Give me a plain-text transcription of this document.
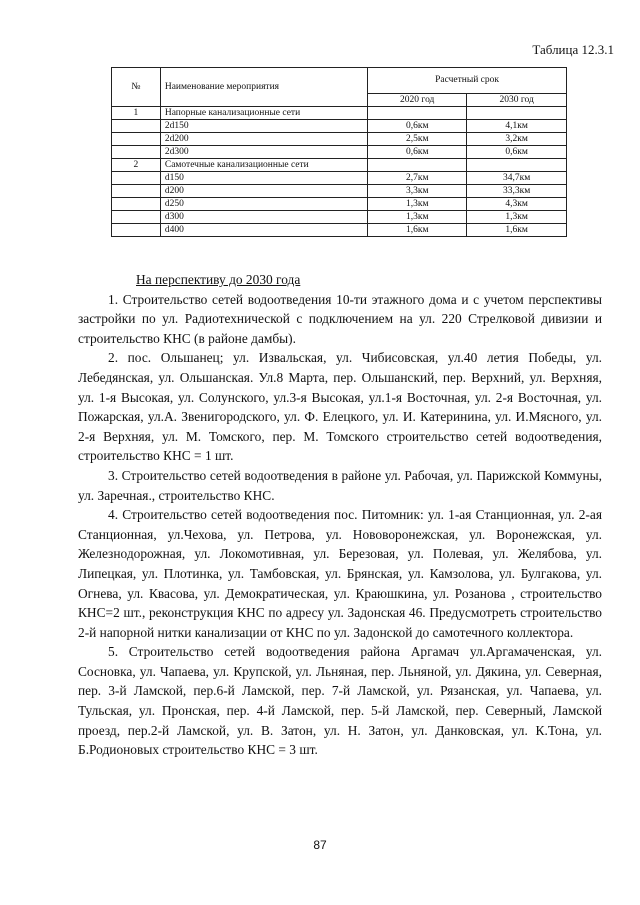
Таблица 12.3.1
№	Наименование мероприятия	Расчетный срок	
		2020 год	2030 год
1	Напорные канализационные сети		
	2d150	0,6км	4,1км
	2d200	2,5км	3,2км
	2d300	0,6км	0,6км
2	Самотечные канализационные сети		
	d150	2,7км	34,7км
	d200	3,3км	33,3км
	d250	1,3км	4,3км
	d300	1,3км	1,3км
	d400	1,6км	1,6км

На перспективу до 2030 года

1. Строительство сетей водоотведения 10-ти этажного дома и с учетом перспективы застройки по ул. Радиотехнической с подключением на ул. 220 Стрелковой дивизии и строительство КНС (в районе дамбы).

2. пос. Ольшанец; ул. Извальская, ул. Чибисовская, ул.40 летия Победы, ул. Лебедянская, ул. Ольшанская. Ул.8 Марта, пер. Ольшанский, пер. Верхний, ул. Верхняя, ул. 1-я Высокая, ул. Солунского, ул.3-я Высокая, ул.1-я Восточная, ул. 2-я Восточная, ул. Пожарская, ул.А. Звенигородского, ул. Ф. Елецкого, ул. И. Катеринина, ул. И.Мясного, ул. 2-я Верхняя, ул. М. Томского, пер. М. Томского строительство сетей водоотведения, строительство КНС = 1 шт.

3. Строительство сетей водоотведения в районе ул. Рабочая, ул. Парижской Коммуны, ул. Заречная., строительство КНС.

4. Строительство сетей водоотведения пос. Питомник: ул. 1-ая Станционная, ул. 2-ая Станционная, ул.Чехова, ул. Петрова, ул. Нововоронежская, ул. Воронежская, ул. Железнодорожная, ул. Локомотивная, ул. Березовая, ул. Полевая, ул. Желябова, ул. Липецкая, ул. Плотинка, ул. Тамбовская, ул. Брянская, ул. Камзолова, ул. Булгакова, ул. Огнева, ул. Квасова, ул. Демократическая, ул. Краюшкина, ул. Розанова , строительство КНС=2 шт., реконструкция КНС по адресу ул. Задонская 46. Предусмотреть строительство 2-й напорной нитки канализации от КНС по ул. Задонской до самотечного коллектора.

5. Строительство сетей водоотведения района Аргамач ул.Аргамаченская, ул. Сосновка, ул. Чапаева, ул. Крупской, ул. Льняная, пер. Льняной, ул. Дякина, ул. Северная, пер. 3-й Ламской, пер.6-й Ламской, пер. 7-й Ламской, ул. Рязанская, ул. Чапаева, ул. Тульская, ул. Пронская, пер. 4-й Ламской, пер. 5-й Ламской, пер. Северный, Ламской проезд, пер.2-й Ламской, ул. В. Затон, ул. Н. Затон, ул. Данковская, ул. К.Тона, ул. Б.Родионовых строительство КНС = 3 шт.

87
